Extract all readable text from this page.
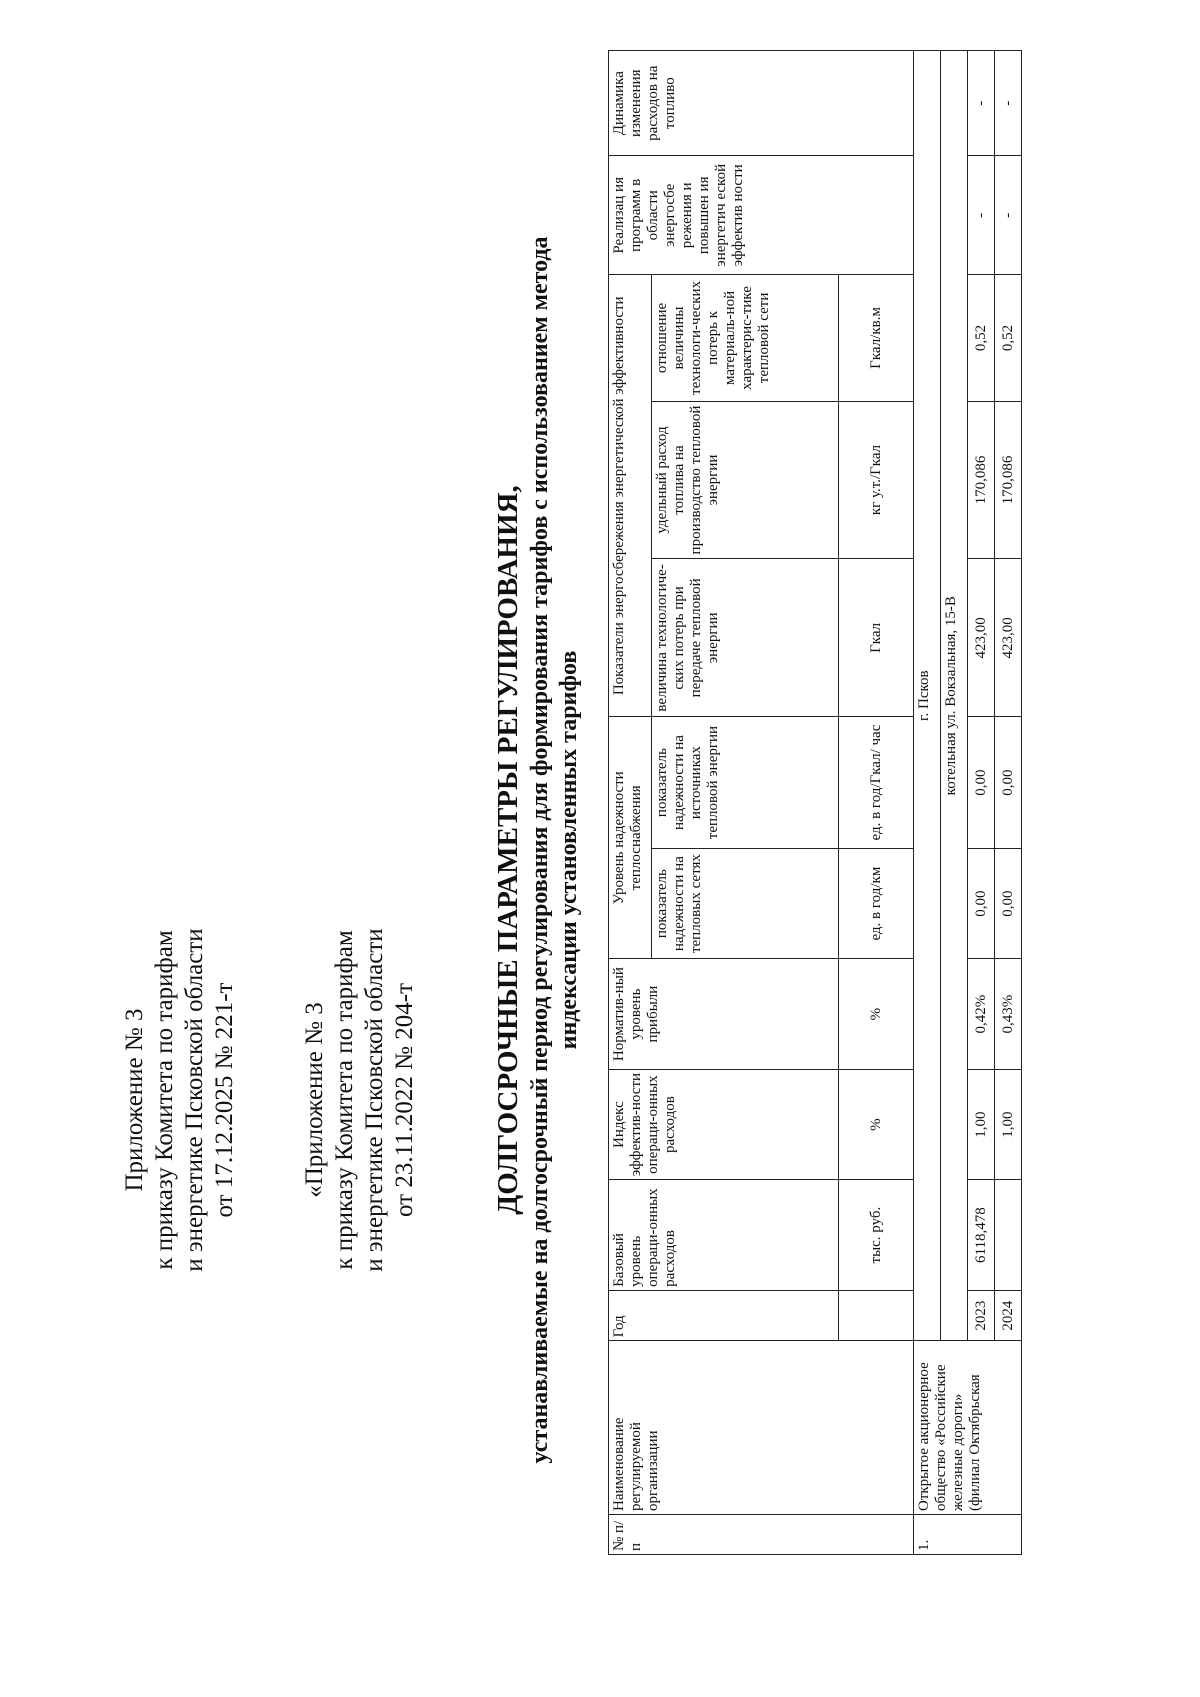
Приложение № 3 к приказу Комитета по тарифам и энергетике Псковской области от 17.12.2025 № 221-т	«Приложение № 3 к приказу Комитета по тарифам и энергетике Псковской области от 23.11.2022 № 204-т	ДОЛГОСРОЧНЫЕ ПАРАМЕТРЫ РЕГУЛИРОВАНИЯ, устанавливаемые на долгосрочный период регулирования для формирования тарифов с использованием метода индексации установленных тарифов
№ п/п	Наименование регулируемой организации	Год	Базовый уровень операци-онных расходов	Индекс эффектив-ности операци-онных расходов	Норматив-ный уровень прибыли	Уровень надежности теплоснабжения		Показатели энергосбережения энергетической эффективности			Реализац ия программ в области энергосбе режения и повышен ия энергетич еской эффектив ности	Динамика изменения расходов на топливо
						показатель надежности на тепловых сетях	показатель надежности на источниках тепловой энергии	величина технологиче-ских потерь при передаче тепловой энергии	удельный расход топлива на производство тепловой энергии	отношение величины технологи-ческих потерь к материаль-ной характерис-тике тепловой сети		
			тыс. руб.	%	%	ед. в год/км	ед. в год/Гкал/ час	Гкал	кг у.т./Гкал	Гкал/кв.м		
1.	Открытое акционерное общество «Российские железные дороги» (филиал Октябрьская	г. Псков										
		котельная ул. Вокзальная, 15-В										
		2023	6118,478	1,00	0,42%	0,00	0,00	423,00	170,086	0,52	-	-
		2024		1,00	0,43%	0,00	0,00	423,00	170,086	0,52	-	-
